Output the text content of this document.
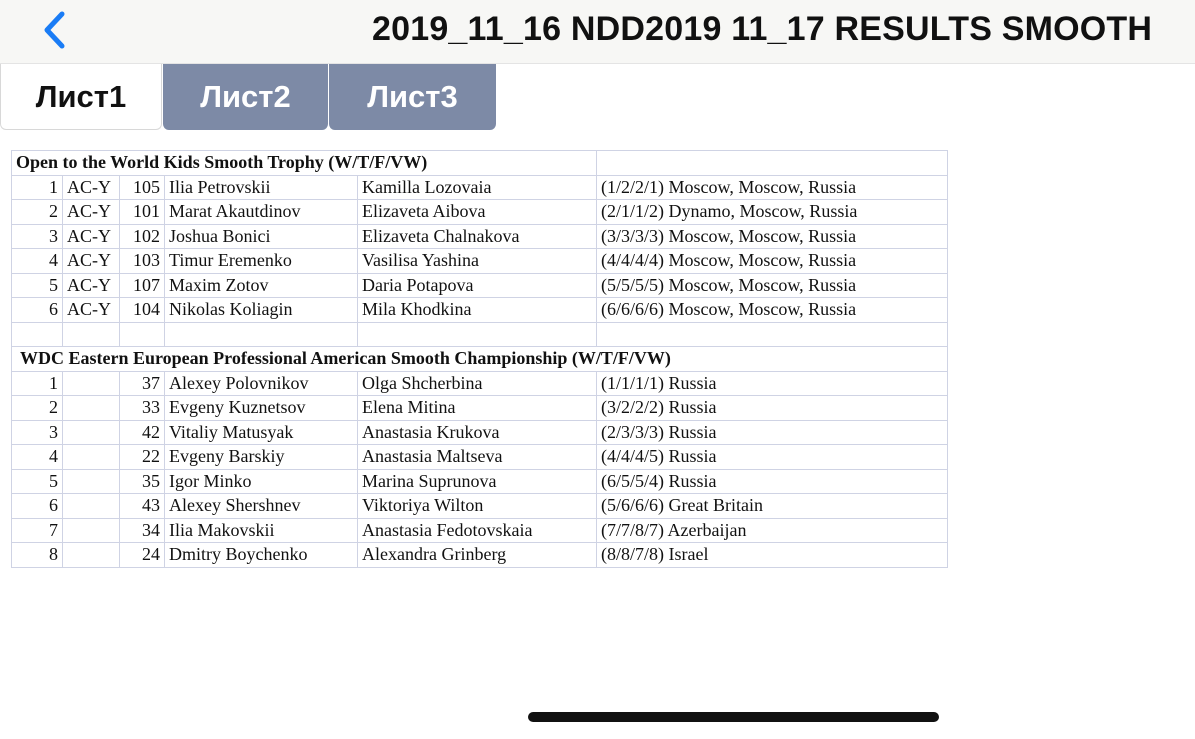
2019_11_16 NDD2019 11_17 RESULTS SMOOTH
Лист1	Лист2	Лист3
Open to the World Kids Smooth Trophy (W/T/F/VW)					
1	AC-Y	105	Ilia Petrovskii	Kamilla Lozovaia	(1/2/2/1) Moscow, Moscow, Russia
2	AC-Y	101	Marat Akautdinov	Elizaveta Aibova	(2/1/1/2) Dynamo, Moscow, Russia
3	AC-Y	102	Joshua Bonici	Elizaveta Chalnakova	(3/3/3/3) Moscow, Moscow, Russia
4	AC-Y	103	Timur Eremenko	Vasilisa Yashina	(4/4/4/4) Moscow, Moscow, Russia
5	AC-Y	107	Maxim Zotov	Daria Potapova	(5/5/5/5) Moscow, Moscow, Russia
6	AC-Y	104	Nikolas Koliagin	Mila Khodkina	(6/6/6/6) Moscow, Moscow, Russia

WDC Eastern European Professional American Smooth Championship (W/T/F/VW)					
1		37	Alexey Polovnikov	Olga Shcherbina	(1/1/1/1) Russia
2		33	Evgeny Kuznetsov	Elena Mitina	(3/2/2/2) Russia
3		42	Vitaliy Matusyak	Anastasia Krukova	(2/3/3/3) Russia
4		22	Evgeny Barskiy	Anastasia Maltseva	(4/4/4/5) Russia
5		35	Igor Minko	Marina Suprunova	(6/5/5/4) Russia
6		43	Alexey Shershnev	Viktoriya Wilton	(5/6/6/6) Great Britain
7		34	Ilia Makovskii	Anastasia Fedotovskaia	(7/7/8/7) Azerbaijan
8		24	Dmitry Boychenko	Alexandra Grinberg	(8/8/7/8) Israel
